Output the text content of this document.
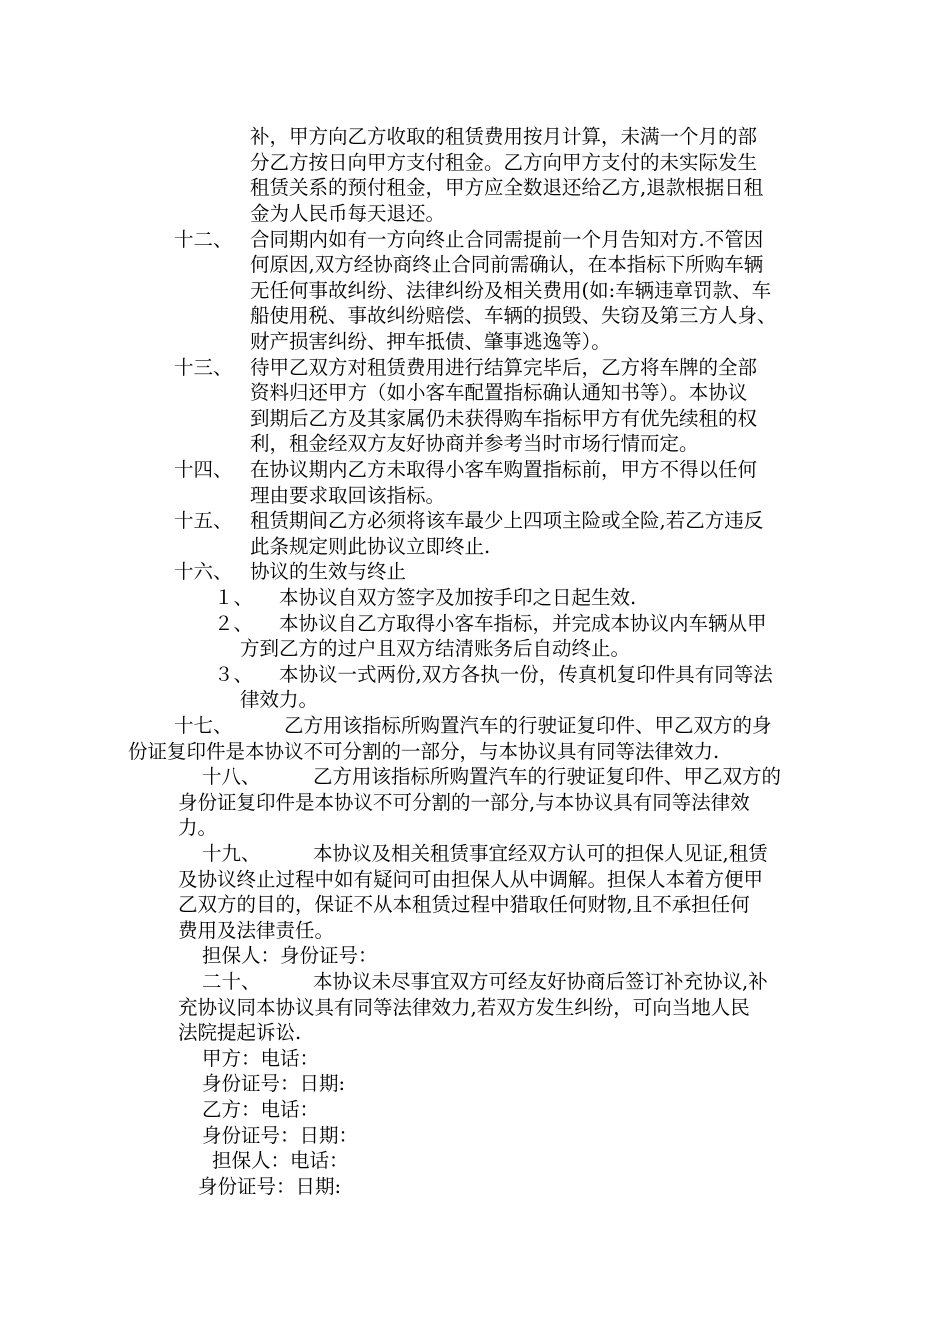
补，甲方向乙方收取的租赁费用按月计算，未满一个月的部
分乙方按日向甲方支付租金。乙方向甲方支付的未实际发生
租赁关系的预付租金，甲方应全数退还给乙方,退款根据日租
金为人民币每天退还。
十二、 合同期内如有一方向终止合同需提前一个月告知对方.不管因
何原因,双方经协商终止合同前需确认，在本指标下所购车辆
无任何事故纠纷、法律纠纷及相关费用(如:车辆违章罚款、车
船使用税、事故纠纷赔偿、车辆的损毁、失窃及第三方人身、
财产损害纠纷、押车抵债、肇事逃逸等）。
十三、 待甲乙双方对租赁费用进行结算完毕后，乙方将车牌的全部
资料归还甲方（如小客车配置指标确认通知书等）。本协议
到期后乙方及其家属仍未获得购车指标甲方有优先续租的权
利，租金经双方友好协商并参考当时市场行情而定。
十四、 在协议期内乙方未取得小客车购置指标前，甲方不得以任何
理由要求取回该指标。
十五、 租赁期间乙方必须将该车最少上四项主险或全险,若乙方违反
此条规定则此协议立即终止.
十六、 协议的生效与终止
１、 本协议自双方签字及加按手印之日起生效.
２、 本协议自乙方取得小客车指标，并完成本协议内车辆从甲
方到乙方的过户且双方结清账务后自动终止。
３、 本协议一式两份,双方各执一份，传真机复印件具有同等法
律效力。
十七、	乙方用该指标所购置汽车的行驶证复印件、甲乙双方的身
份证复印件是本协议不可分割的一部分，与本协议具有同等法律效力.
十八、	乙方用该指标所购置汽车的行驶证复印件、甲乙双方的
身份证复印件是本协议不可分割的一部分,与本协议具有同等法律效
力。
十九、	本协议及相关租赁事宜经双方认可的担保人见证,租赁
及协议终止过程中如有疑问可由担保人从中调解。担保人本着方便甲
乙双方的目的，保证不从本租赁过程中猎取任何财物,且不承担任何
费用及法律责任。
担保人：身份证号：
二十、	本协议未尽事宜双方可经友好协商后签订补充协议,补
充协议同本协议具有同等法律效力,若双方发生纠纷，可向当地人民
法院提起诉讼.
甲方：电话：
身份证号：日期:
乙方：电话：
身份证号：日期：
担保人：电话：
身份证号：日期:
